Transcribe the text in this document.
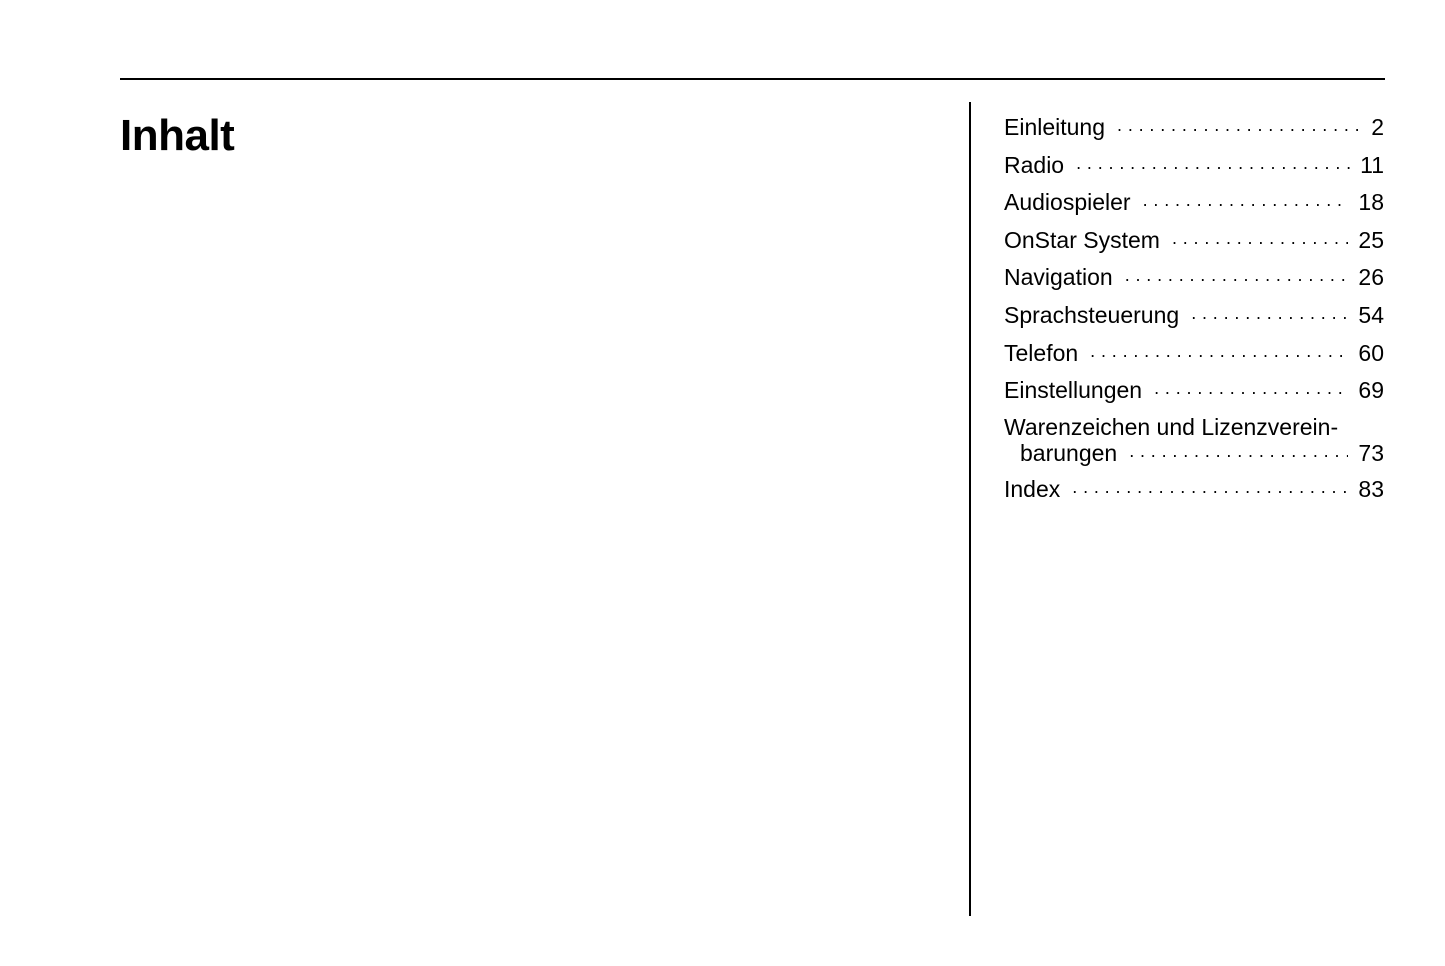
Inhalt	Einleitung . . .	2
Radio . . .	11
Audiospieler . . .	18
OnStar System . . .	25
Navigation . . .	26
Sprachsteuerung . . .	54
Telefon . . .	60
Einstellungen . . .	69
Warenzeichen und Lizenzverein-
barungen . . .	73
Index . . .	83
